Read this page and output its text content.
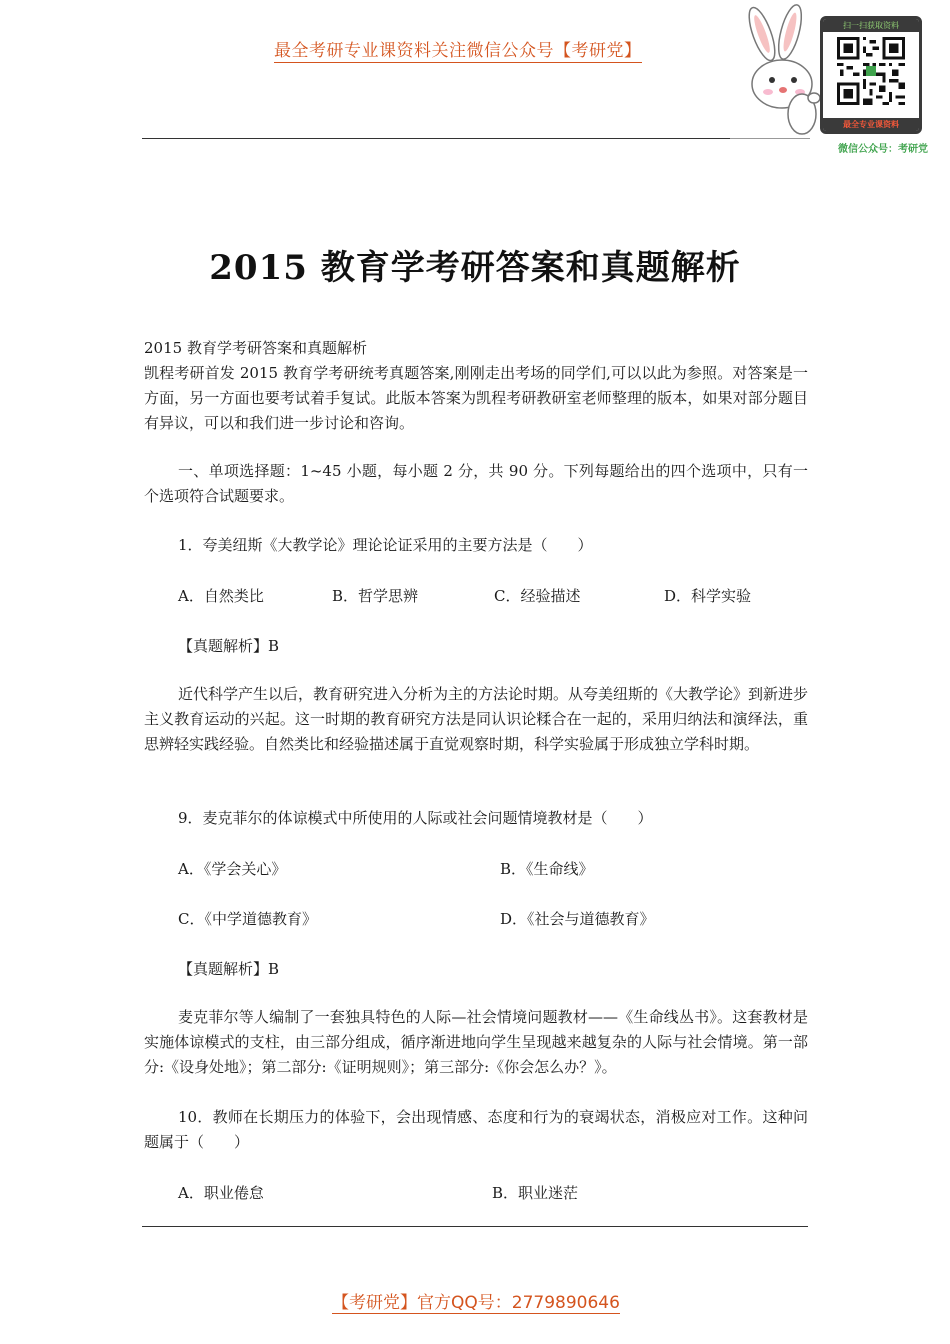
最全考研专业课资料关注微信公众号【考研党】
扫一扫获取资料
最全专业课资料
微信公众号：考研党
2015 教育学考研答案和真题解析
2015 教育学考研答案和真题解析
凯程考研首发 2015 教育学考研统考真题答案,刚刚走出考场的同学们,可以以此为参照。对答案是一方面，另一方面也要考试着手复试。此版本答案为凯程考研教研室老师整理的版本，如果对部分题目有异议，可以和我们进一步讨论和咨询。
一、单项选择题：1~45 小题，每小题 2 分，共 90 分。下列每题给出的四个选项中，只有一个选项符合试题要求。
1．夸美纽斯《大教学论》理论论证采用的主要方法是（　　）
A．自然类比	B．哲学思辨	C．经验描述	D．科学实验
【真题解析】B
近代科学产生以后，教育研究进入分析为主的方法论时期。从夸美纽斯的《大教学论》到新进步主义教育运动的兴起。这一时期的教育研究方法是同认识论糅合在一起的，采用归纳法和演绎法，重思辨轻实践经验。自然类比和经验描述属于直觉观察时期，科学实验属于形成独立学科时期。
9．麦克菲尔的体谅模式中所使用的人际或社会问题情境教材是（　　）
A．《学会关心》	B．《生命线》
C．《中学道德教育》	D．《社会与道德教育》
【真题解析】B
麦克菲尔等人编制了一套独具特色的人际—社会情境问题教材——《生命线丛书》。这套教材是实施体谅模式的支柱，由三部分组成，循序渐进地向学生呈现越来越复杂的人际与社会情境。第一部分:《设身处地》；第二部分:《证明规则》；第三部分:《你会怎么办？》。
10．教师在长期压力的体验下，会出现情感、态度和行为的衰竭状态，消极应对工作。这种问题属于（　　）
A．职业倦怠	B．职业迷茫
【考研党】官方QQ号：2779890646
